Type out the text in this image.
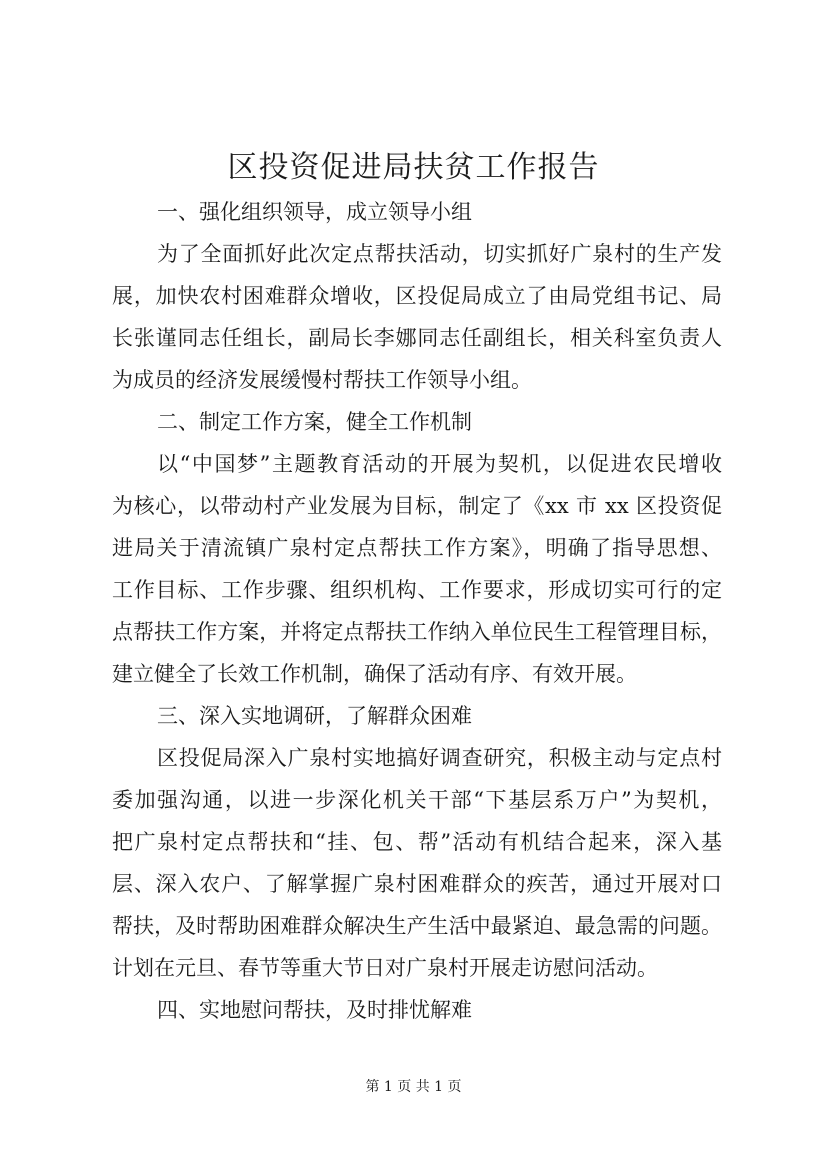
区投资促进局扶贫工作报告
一、强化组织领导，成立领导小组
为了全面抓好此次定点帮扶活动，切实抓好广泉村的生产发
展，加快农村困难群众增收，区投促局成立了由局党组书记、局
长张谨同志任组长，副局长李娜同志任副组长，相关科室负责人
为成员的经济发展缓慢村帮扶工作领导小组。
二、制定工作方案，健全工作机制
以“中国梦”主题教育活动的开展为契机，以促进农民增收
为核心，以带动村产业发展为目标，制定了《xx 市 xx 区投资促
进局关于清流镇广泉村定点帮扶工作方案》，明确了指导思想、
工作目标、工作步骤、组织机构、工作要求，形成切实可行的定
点帮扶工作方案，并将定点帮扶工作纳入单位民生工程管理目标，
建立健全了长效工作机制，确保了活动有序、有效开展。
三、深入实地调研，了解群众困难
区投促局深入广泉村实地搞好调查研究，积极主动与定点村
委加强沟通，以进一步深化机关干部“下基层系万户”为契机，
把广泉村定点帮扶和“挂、包、帮”活动有机结合起来，深入基
层、深入农户、了解掌握广泉村困难群众的疾苦，通过开展对口
帮扶，及时帮助困难群众解决生产生活中最紧迫、最急需的问题。
计划在元旦、春节等重大节日对广泉村开展走访慰问活动。
四、实地慰问帮扶，及时排忧解难
第 1 页 共 1 页
